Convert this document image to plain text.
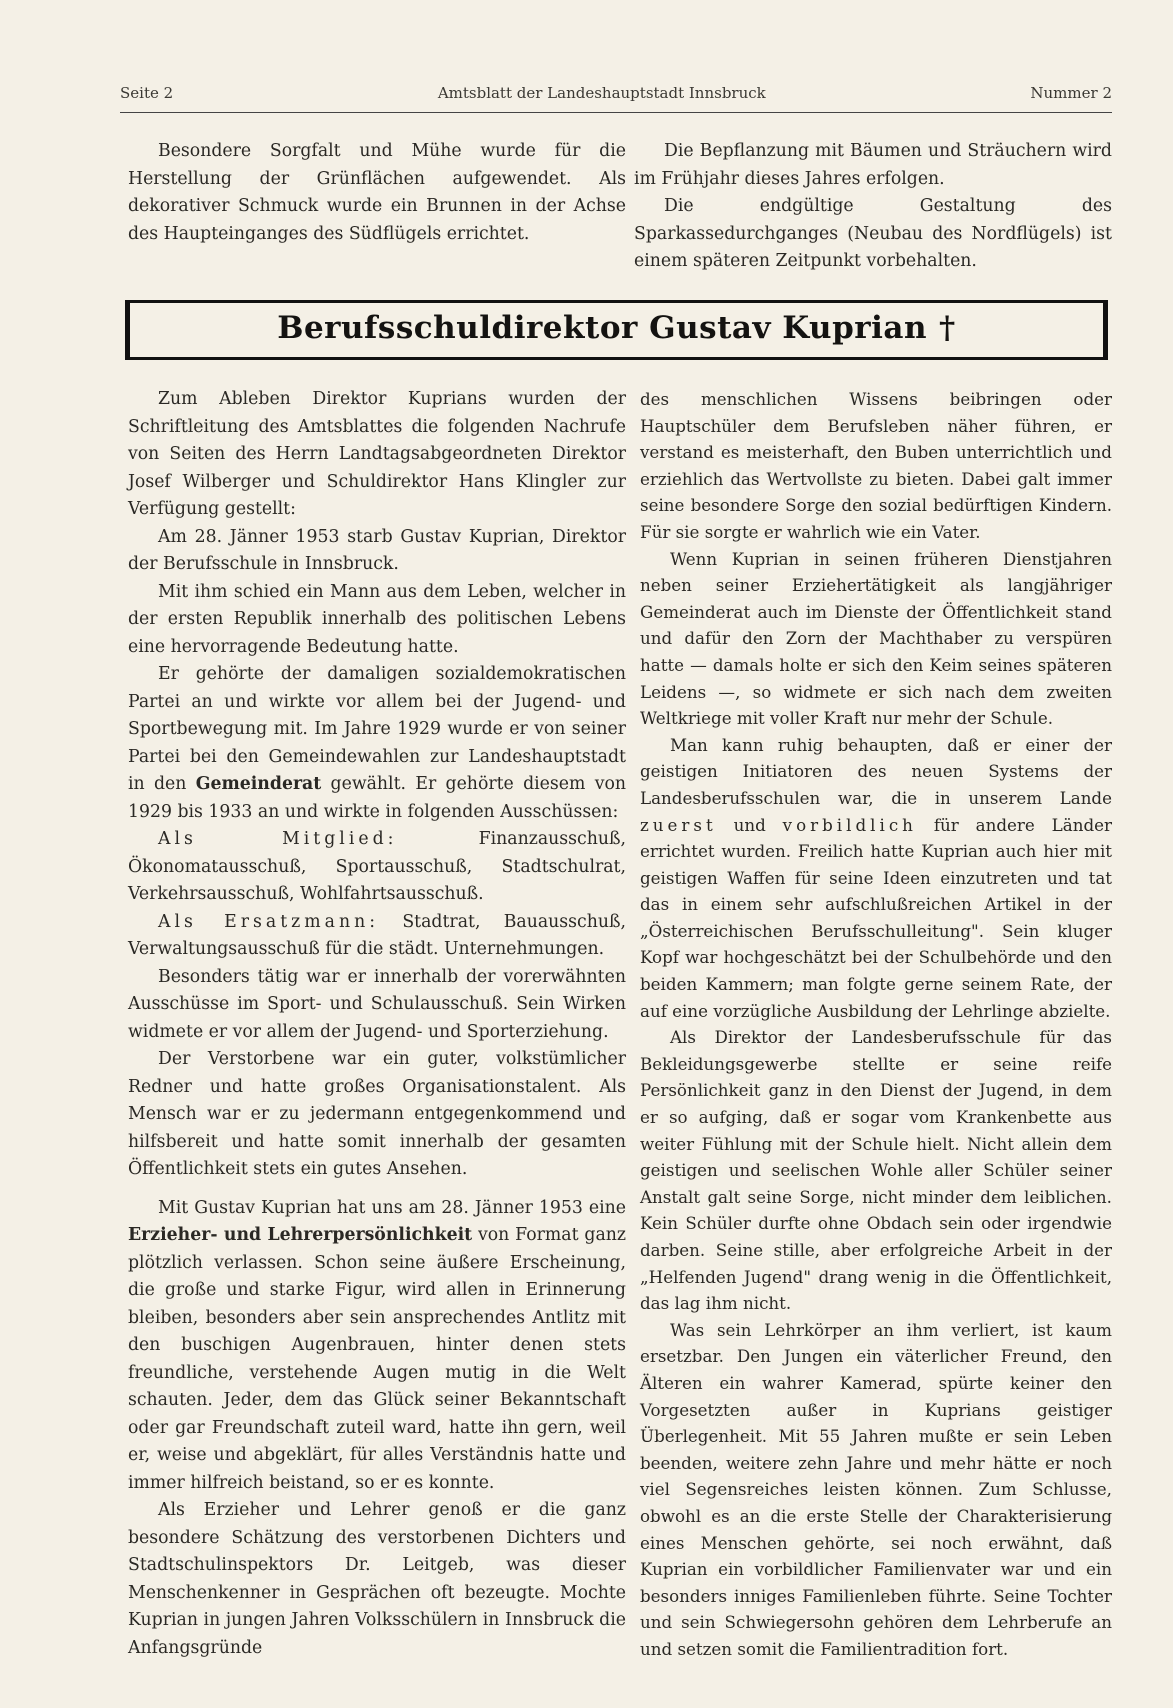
Seite 2	Amtsblatt der Landeshauptstadt Innsbruck	Nummer 2

Besondere Sorgfalt und Mühe wurde für die Herstellung der Grünflächen aufgewendet. Als dekorativer Schmuck wurde ein Brunnen in der Achse des Haupteinganges des Südflügels errichtet.

Die Bepflanzung mit Bäumen und Sträuchern wird im Frühjahr dieses Jahres erfolgen.

Die endgültige Gestaltung des Sparkassedurchganges (Neubau des Nordflügels) ist einem späteren Zeitpunkt vorbehalten.

Berufsschuldirektor Gustav Kuprian †

Zum Ableben Direktor Kuprians wurden der Schriftleitung des Amtsblattes die folgenden Nachrufe von Seiten des Herrn Landtagsabgeordneten Direktor Josef Wilberger und Schuldirektor Hans Klingler zur Verfügung gestellt:

Am 28. Jänner 1953 starb Gustav Kuprian, Direktor der Berufsschule in Innsbruck.

Mit ihm schied ein Mann aus dem Leben, welcher in der ersten Republik innerhalb des politischen Lebens eine hervorragende Bedeutung hatte.

Er gehörte der damaligen sozialdemokratischen Partei an und wirkte vor allem bei der Jugend- und Sportbewegung mit. Im Jahre 1929 wurde er von seiner Partei bei den Gemeindewahlen zur Landeshauptstadt in den Gemeinderat gewählt. Er gehörte diesem von 1929 bis 1933 an und wirkte in folgenden Ausschüssen:

Als Mitglied: Finanzausschuß, Ökonomatausschuß, Sportausschuß, Stadtschulrat, Verkehrsausschuß, Wohlfahrtsausschuß.

Als Ersatzmann: Stadtrat, Bauausschuß, Verwaltungsausschuß für die städt. Unternehmungen.

Besonders tätig war er innerhalb der vorerwähnten Ausschüsse im Sport- und Schulausschuß. Sein Wirken widmete er vor allem der Jugend- und Sporterziehung.

Der Verstorbene war ein guter, volkstümlicher Redner und hatte großes Organisationstalent. Als Mensch war er zu jedermann entgegenkommend und hilfsbereit und hatte somit innerhalb der gesamten Öffentlichkeit stets ein gutes Ansehen.

Mit Gustav Kuprian hat uns am 28. Jänner 1953 eine Erzieher- und Lehrerpersönlichkeit von Format ganz plötzlich verlassen. Schon seine äußere Erscheinung, die große und starke Figur, wird allen in Erinnerung bleiben, besonders aber sein ansprechendes Antlitz mit den buschigen Augenbrauen, hinter denen stets freundliche, verstehende Augen mutig in die Welt schauten. Jeder, dem das Glück seiner Bekanntschaft oder gar Freundschaft zuteil ward, hatte ihn gern, weil er, weise und abgeklärt, für alles Verständnis hatte und immer hilfreich beistand, so er es konnte.

Als Erzieher und Lehrer genoß er die ganz besondere Schätzung des verstorbenen Dichters und Stadtschulinspektors Dr. Leitgeb, was dieser Menschenkenner in Gesprächen oft bezeugte. Mochte Kuprian in jungen Jahren Volksschülern in Innsbruck die Anfangsgründe

des menschlichen Wissens beibringen oder Hauptschüler dem Berufsleben näher führen, er verstand es meisterhaft, den Buben unterrichtlich und erziehlich das Wertvollste zu bieten. Dabei galt immer seine besondere Sorge den sozial bedürftigen Kindern. Für sie sorgte er wahrlich wie ein Vater.

Wenn Kuprian in seinen früheren Dienstjahren neben seiner Erziehertätigkeit als langjähriger Gemeinderat auch im Dienste der Öffentlichkeit stand und dafür den Zorn der Machthaber zu verspüren hatte — damals holte er sich den Keim seines späteren Leidens —, so widmete er sich nach dem zweiten Weltkriege mit voller Kraft nur mehr der Schule.

Man kann ruhig behaupten, daß er einer der geistigen Initiatoren des neuen Systems der Landesberufsschulen war, die in unserem Lande zuerst und vorbildlich für andere Länder errichtet wurden. Freilich hatte Kuprian auch hier mit geistigen Waffen für seine Ideen einzutreten und tat das in einem sehr aufschlußreichen Artikel in der „Österreichischen Berufsschulleitung". Sein kluger Kopf war hochgeschätzt bei der Schulbehörde und den beiden Kammern; man folgte gerne seinem Rate, der auf eine vorzügliche Ausbildung der Lehrlinge abzielte.

Als Direktor der Landesberufsschule für das Bekleidungsgewerbe stellte er seine reife Persönlichkeit ganz in den Dienst der Jugend, in dem er so aufging, daß er sogar vom Krankenbette aus weiter Fühlung mit der Schule hielt. Nicht allein dem geistigen und seelischen Wohle aller Schüler seiner Anstalt galt seine Sorge, nicht minder dem leiblichen. Kein Schüler durfte ohne Obdach sein oder irgendwie darben. Seine stille, aber erfolgreiche Arbeit in der „Helfenden Jugend" drang wenig in die Öffentlichkeit, das lag ihm nicht.

Was sein Lehrkörper an ihm verliert, ist kaum ersetzbar. Den Jungen ein väterlicher Freund, den Älteren ein wahrer Kamerad, spürte keiner den Vorgesetzten außer in Kuprians geistiger Überlegenheit. Mit 55 Jahren mußte er sein Leben beenden, weitere zehn Jahre und mehr hätte er noch viel Segensreiches leisten können. Zum Schlusse, obwohl es an die erste Stelle der Charakterisierung eines Menschen gehörte, sei noch erwähnt, daß Kuprian ein vorbildlicher Familienvater war und ein besonders inniges Familienleben führte. Seine Tochter und sein Schwiegersohn gehören dem Lehrberufe an und setzen somit die Familientradition fort.
